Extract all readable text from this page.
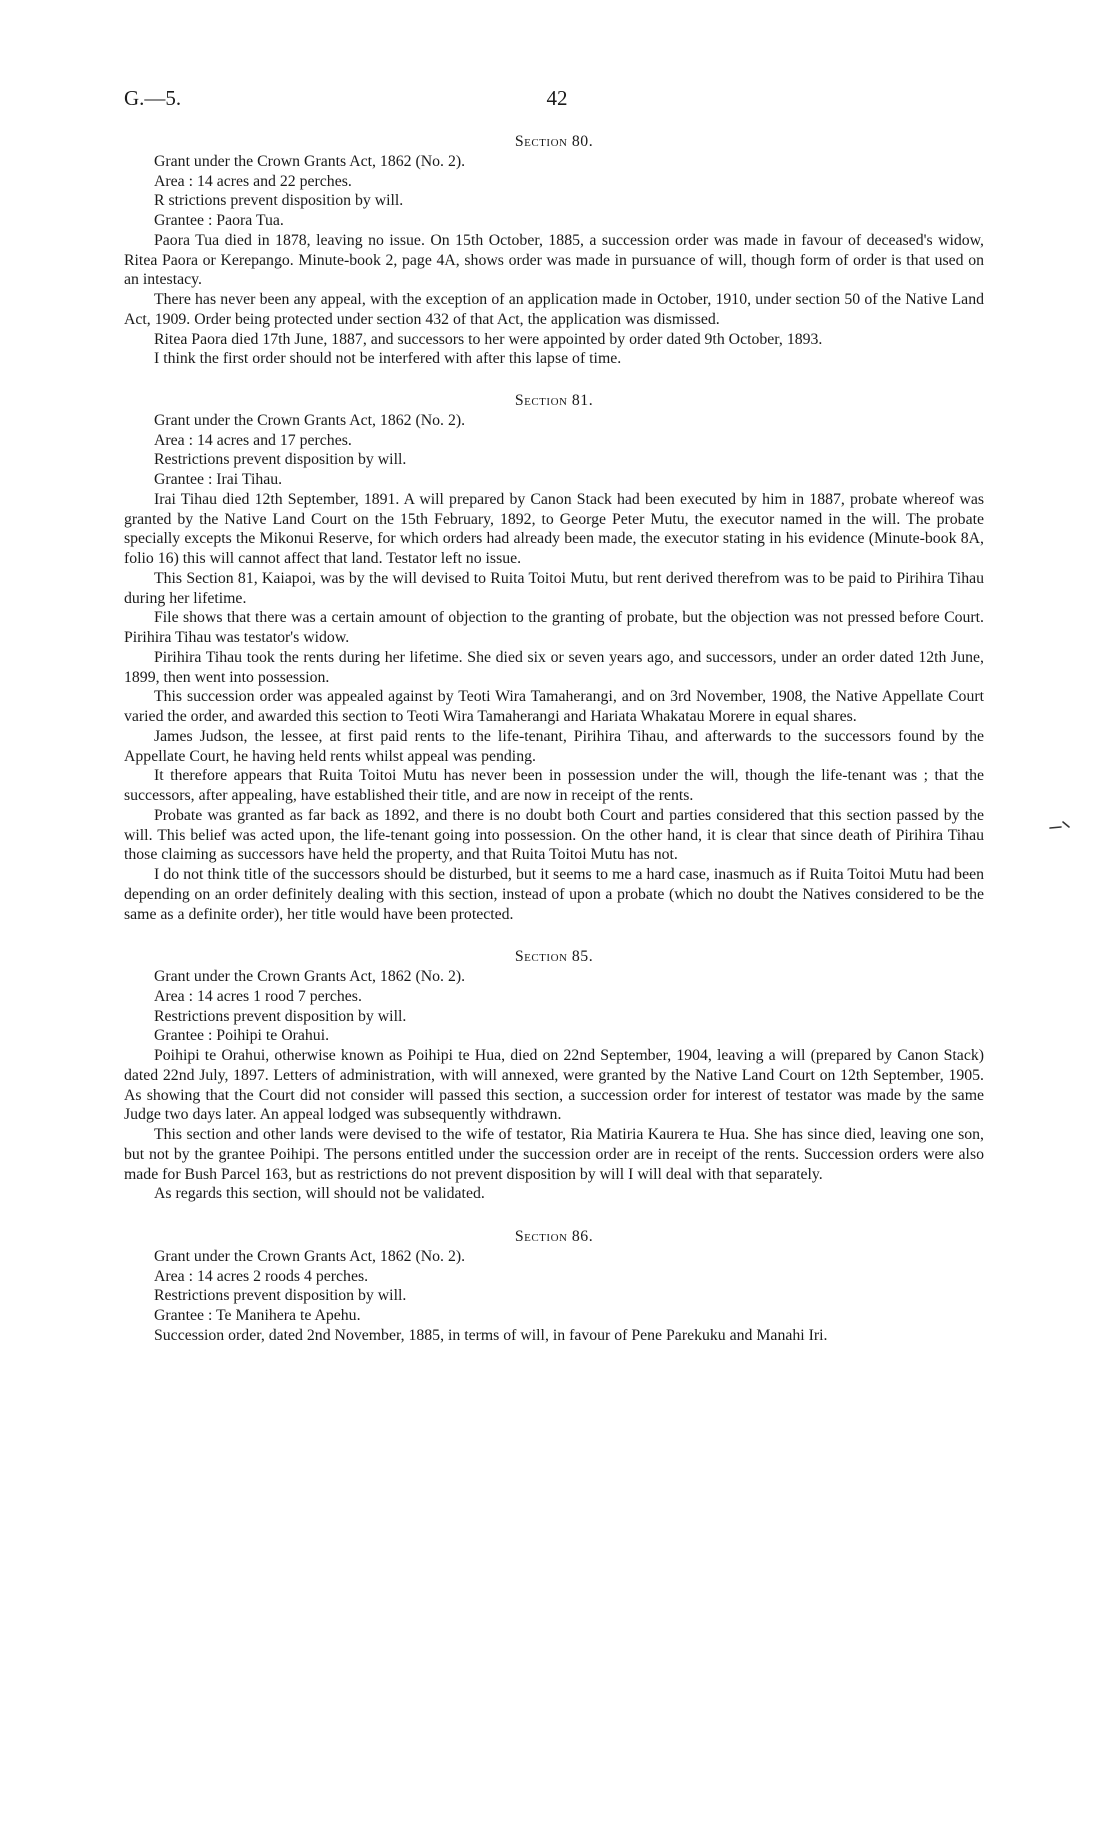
G.—5.	42

Section 80.

Grant under the Crown Grants Act, 1862 (No. 2).

Area : 14 acres and 22 perches.

R strictions prevent disposition by will.

Grantee : Paora Tua.

Paora Tua died in 1878, leaving no issue. On 15th October, 1885, a succession order was made in favour of deceased's widow, Ritea Paora or Kerepango. Minute-book 2, page 4A, shows order was made in pursuance of will, though form of order is that used on an intestacy.

There has never been any appeal, with the exception of an application made in October, 1910, under section 50 of the Native Land Act, 1909. Order being protected under section 432 of that Act, the application was dismissed.

Ritea Paora died 17th June, 1887, and successors to her were appointed by order dated 9th October, 1893.

I think the first order should not be interfered with after this lapse of time.

Section 81.

Grant under the Crown Grants Act, 1862 (No. 2).

Area : 14 acres and 17 perches.

Restrictions prevent disposition by will.

Grantee : Irai Tihau.

Irai Tihau died 12th September, 1891. A will prepared by Canon Stack had been executed by him in 1887, probate whereof was granted by the Native Land Court on the 15th February, 1892, to George Peter Mutu, the executor named in the will. The probate specially excepts the Mikonui Reserve, for which orders had already been made, the executor stating in his evidence (Minute-book 8A, folio 16) this will cannot affect that land. Testator left no issue.

This Section 81, Kaiapoi, was by the will devised to Ruita Toitoi Mutu, but rent derived therefrom was to be paid to Pirihira Tihau during her lifetime.

File shows that there was a certain amount of objection to the granting of probate, but the objection was not pressed before Court. Pirihira Tihau was testator's widow.

Pirihira Tihau took the rents during her lifetime. She died six or seven years ago, and successors, under an order dated 12th June, 1899, then went into possession.

This succession order was appealed against by Teoti Wira Tamaherangi, and on 3rd November, 1908, the Native Appellate Court varied the order, and awarded this section to Teoti Wira Tamaherangi and Hariata Whakatau Morere in equal shares.

James Judson, the lessee, at first paid rents to the life-tenant, Pirihira Tihau, and afterwards to the successors found by the Appellate Court, he having held rents whilst appeal was pending.

It therefore appears that Ruita Toitoi Mutu has never been in possession under the will, though the life-tenant was ; that the successors, after appealing, have established their title, and are now in receipt of the rents.

Probate was granted as far back as 1892, and there is no doubt both Court and parties considered that this section passed by the will. This belief was acted upon, the life-tenant going into possession. On the other hand, it is clear that since death of Pirihira Tihau those claiming as successors have held the property, and that Ruita Toitoi Mutu has not.

I do not think title of the successors should be disturbed, but it seems to me a hard case, inasmuch as if Ruita Toitoi Mutu had been depending on an order definitely dealing with this section, instead of upon a probate (which no doubt the Natives considered to be the same as a definite order), her title would have been protected.

Section 85.

Grant under the Crown Grants Act, 1862 (No. 2).

Area : 14 acres 1 rood 7 perches.

Restrictions prevent disposition by will.

Grantee : Poihipi te Orahui.

Poihipi te Orahui, otherwise known as Poihipi te Hua, died on 22nd September, 1904, leaving a will (prepared by Canon Stack) dated 22nd July, 1897. Letters of administration, with will annexed, were granted by the Native Land Court on 12th September, 1905. As showing that the Court did not consider will passed this section, a succession order for interest of testator was made by the same Judge two days later. An appeal lodged was subsequently withdrawn.

This section and other lands were devised to the wife of testator, Ria Matiria Kaurera te Hua. She has since died, leaving one son, but not by the grantee Poihipi. The persons entitled under the succession order are in receipt of the rents. Succession orders were also made for Bush Parcel 163, but as restrictions do not prevent disposition by will I will deal with that separately.

As regards this section, will should not be validated.

Section 86.

Grant under the Crown Grants Act, 1862 (No. 2).

Area : 14 acres 2 roods 4 perches.

Restrictions prevent disposition by will.

Grantee : Te Manihera te Apehu.

Succession order, dated 2nd November, 1885, in terms of will, in favour of Pene Parekuku and Manahi Iri.
